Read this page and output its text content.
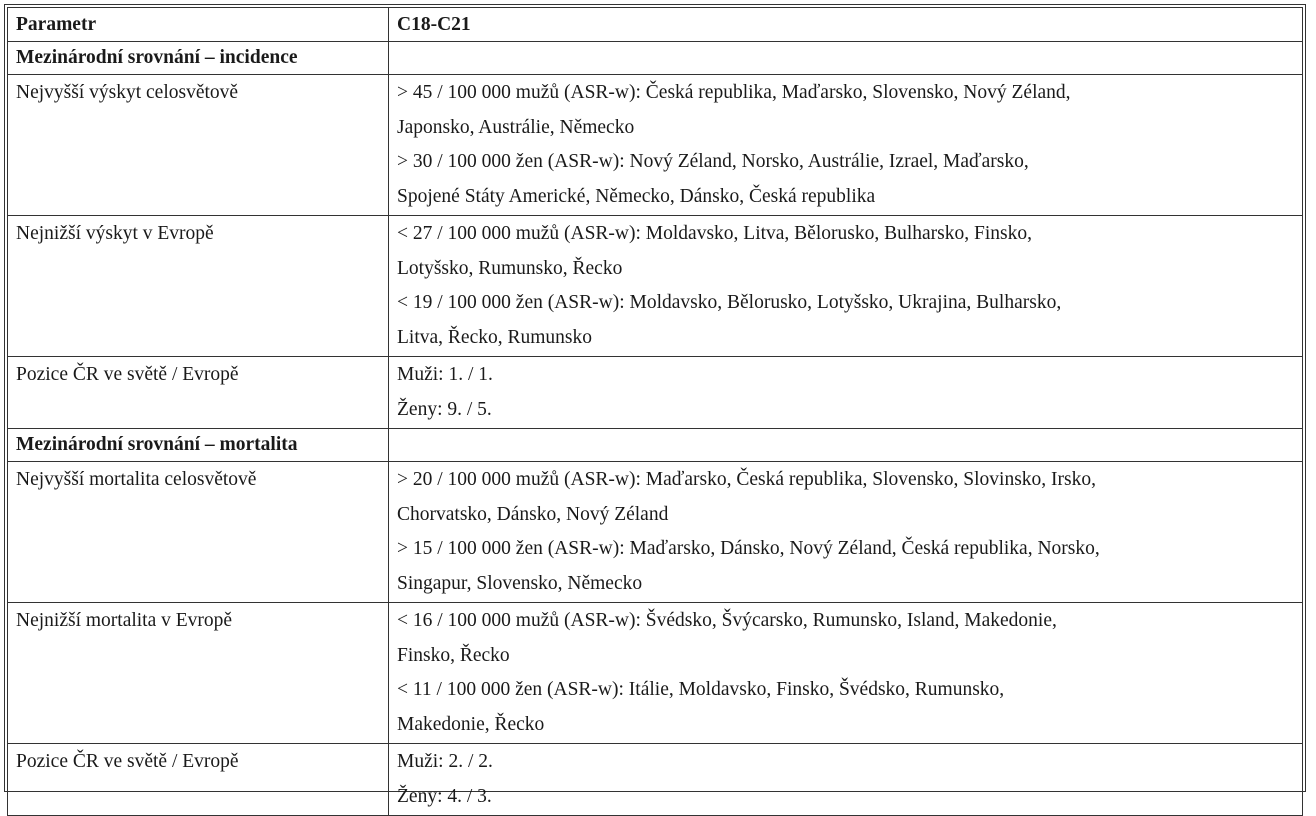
Parametr	C18-C21
Mezinárodní srovnání – incidence	
Nejvyšší výskyt celosvětově	> 45 / 100 000 mužů (ASR-w): Česká republika, Maďarsko, Slovensko, Nový Zéland,
Japonsko, Austrálie, Německo
> 30 / 100 000 žen (ASR-w): Nový Zéland, Norsko, Austrálie, Izrael, Maďarsko,
Spojené Státy Americké, Německo, Dánsko, Česká republika

Nejnižší výskyt v Evropě	< 27 / 100 000 mužů (ASR-w): Moldavsko, Litva, Bělorusko, Bulharsko, Finsko,
Lotyšsko, Rumunsko, Řecko
< 19 / 100 000 žen (ASR-w): Moldavsko, Bělorusko, Lotyšsko, Ukrajina, Bulharsko,
Litva, Řecko, Rumunsko

Pozice ČR ve světě / Evropě	Muži: 1. / 1.
Ženy: 9. / 5.

Mezinárodní srovnání – mortalita	
Nejvyšší mortalita celosvětově	> 20 / 100 000 mužů (ASR-w): Maďarsko, Česká republika, Slovensko, Slovinsko, Irsko,
Chorvatsko, Dánsko, Nový Zéland
> 15 / 100 000 žen (ASR-w): Maďarsko, Dánsko, Nový Zéland, Česká republika, Norsko,
Singapur, Slovensko, Německo

Nejnižší mortalita v Evropě	< 16 / 100 000 mužů (ASR-w): Švédsko, Švýcarsko, Rumunsko, Island, Makedonie,
Finsko, Řecko
< 11 / 100 000 žen (ASR-w): Itálie, Moldavsko, Finsko, Švédsko, Rumunsko,
Makedonie, Řecko

Pozice ČR ve světě / Evropě	Muži: 2. / 2.
Ženy: 4. / 3.
